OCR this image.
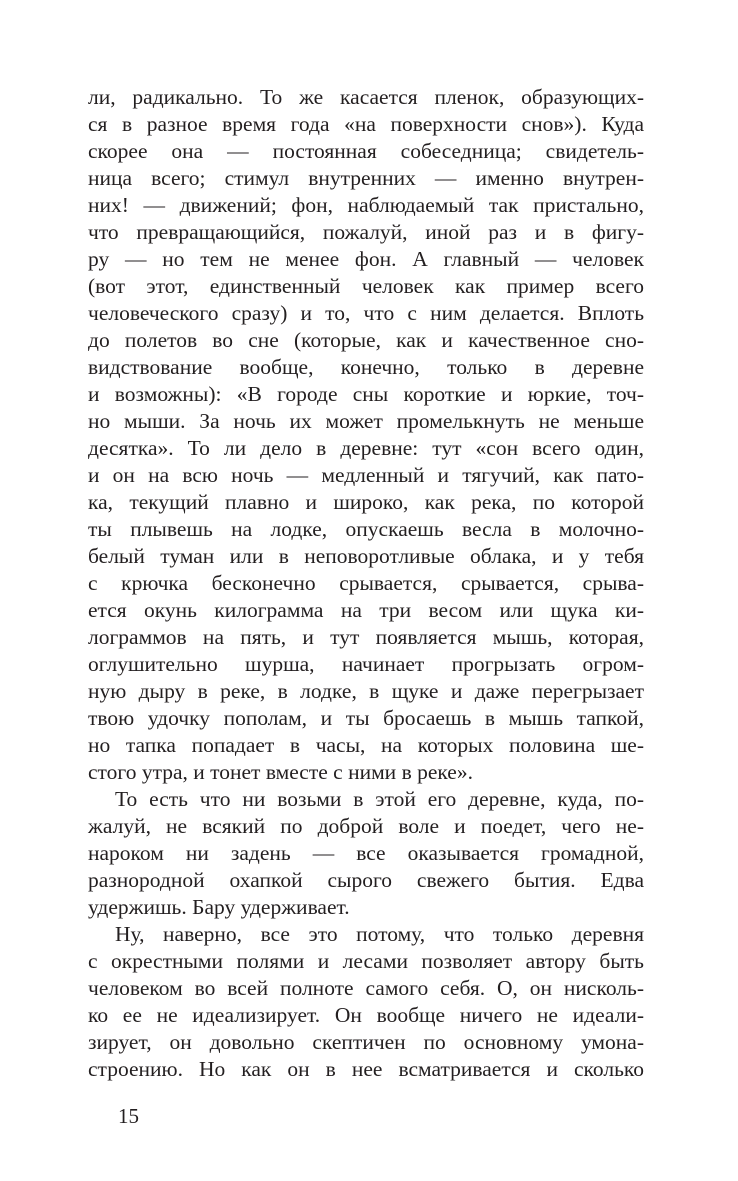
ли, радикально. То же касается пленок, образующих-
ся в разное время года «на поверхности снов»). Куда
скорее она — постоянная собеседница; свидетель-
ница всего; стимул внутренних — именно внутрен-
них! — движений; фон, наблюдаемый так пристально,
что превращающийся, пожалуй, иной раз и в фигу-
ру — но тем не менее фон. А главный — человек
(вот этот, единственный человек как пример всего
человеческого сразу) и то, что с ним делается. Вплоть
до полетов во сне (которые, как и качественное сно-
видствование вообще, конечно, только в деревне
и возможны): «В городе сны короткие и юркие, точ-
но мыши. За ночь их может промелькнуть не меньше
десятка». То ли дело в деревне: тут «сон всего один,
и он на всю ночь — медленный и тягучий, как пато-
ка, текущий плавно и широко, как река, по которой
ты плывешь на лодке, опускаешь весла в молочно-
белый туман или в неповоротливые облака, и у тебя
с крючка бесконечно срывается, срывается, срыва-
ется окунь килограмма на три весом или щука ки-
лограммов на пять, и тут появляется мышь, которая,
оглушительно шурша, начинает прогрызать огром-
ную дыру в реке, в лодке, в щуке и даже перегрызает
твою удочку пополам, и ты бросаешь в мышь тапкой,
но тапка попадает в часы, на которых половина ше-
стого утра, и тонет вместе с ними в реке».
То есть что ни возьми в этой его деревне, куда, по-
жалуй, не всякий по доброй воле и поедет, чего не-
нароком ни задень — все оказывается громадной,
разнородной охапкой сырого свежего бытия. Едва
удержишь. Бару удерживает.
Ну, наверно, все это потому, что только деревня
с окрестными полями и лесами позволяет автору быть
человеком во всей полноте самого себя. О, он нисколь-
ко ее не идеализирует. Он вообще ничего не идеали-
зирует, он довольно скептичен по основному умона-
строению. Но как он в нее всматривается и сколько
15
